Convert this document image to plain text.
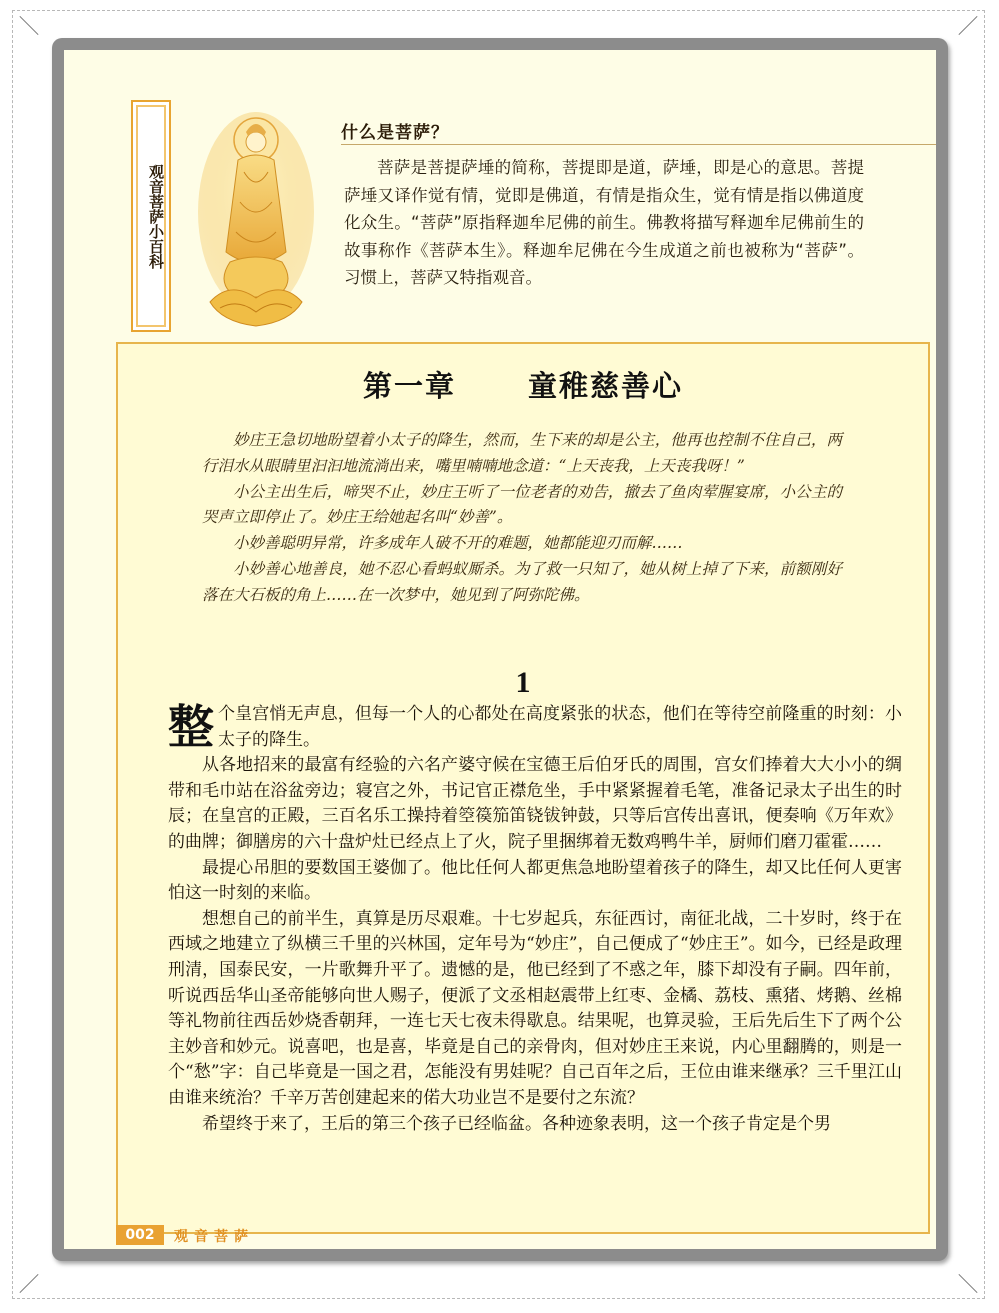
观音菩萨小百科
什么是菩萨？

菩萨是菩提萨埵的简称，菩提即是道，萨埵，即是心的意思。菩提萨埵又译作觉有情，觉即是佛道，有情是指众生，觉有情是指以佛道度化众生。“菩萨”原指释迦牟尼佛的前生。佛教将描写释迦牟尼佛前生的故事称作《菩萨本生》。释迦牟尼佛在今生成道之前也被称为“菩萨”。习惯上，菩萨又特指观音。

第一章 童稚慈善心

妙庄王急切地盼望着小太子的降生，然而，生下来的却是公主，他再也控制不住自己，两行泪水从眼睛里汩汩地流淌出来，嘴里喃喃地念道：“上天丧我，上天丧我呀！”

小公主出生后，啼哭不止，妙庄王听了一位老者的劝告，撤去了鱼肉荤腥宴席，小公主的哭声立即停止了。妙庄王给她起名叫“妙善”。

小妙善聪明异常，许多成年人破不开的难题，她都能迎刃而解……

小妙善心地善良，她不忍心看蚂蚁厮杀。为了救一只知了，她从树上掉了下来，前额刚好落在大石板的角上……在一次梦中，她见到了阿弥陀佛。

1

整个皇宫悄无声息，但每一个人的心都处在高度紧张的状态，他们在等待空前隆重的时刻：小太子的降生。

从各地招来的最富有经验的六名产婆守候在宝德王后伯牙氏的周围，宫女们捧着大大小小的绸带和毛巾站在浴盆旁边；寝宫之外，书记官正襟危坐，手中紧紧握着毛笔，准备记录太子出生的时辰；在皇宫的正殿，三百名乐工操持着箜篌笳笛铙钹钟鼓，只等后宫传出喜讯，便奏响《万年欢》的曲牌；御膳房的六十盘炉灶已经点上了火，院子里捆绑着无数鸡鸭牛羊，厨师们磨刀霍霍……

最提心吊胆的要数国王婆伽了。他比任何人都更焦急地盼望着孩子的降生，却又比任何人更害怕这一时刻的来临。

想想自己的前半生，真算是历尽艰难。十七岁起兵，东征西讨，南征北战，二十岁时，终于在西域之地建立了纵横三千里的兴林国，定年号为“妙庄”，自己便成了“妙庄王”。如今，已经是政理刑清，国泰民安，一片歌舞升平了。遗憾的是，他已经到了不惑之年，膝下却没有子嗣。四年前，听说西岳华山圣帝能够向世人赐子，便派了文丞相赵震带上红枣、金橘、荔枝、熏猪、烤鹅、丝棉等礼物前往西岳妙烧香朝拜，一连七天七夜未得歇息。结果呢，也算灵验，王后先后生下了两个公主妙音和妙元。说喜吧，也是喜，毕竟是自己的亲骨肉，但对妙庄王来说，内心里翻腾的，则是一个“愁”字：自己毕竟是一国之君，怎能没有男娃呢？自己百年之后，王位由谁来继承？三千里江山由谁来统治？千辛万苦创建起来的偌大功业岂不是要付之东流？

希望终于来了，王后的第三个孩子已经临盆。各种迹象表明，这一个孩子肯定是个男

002	观音菩萨
